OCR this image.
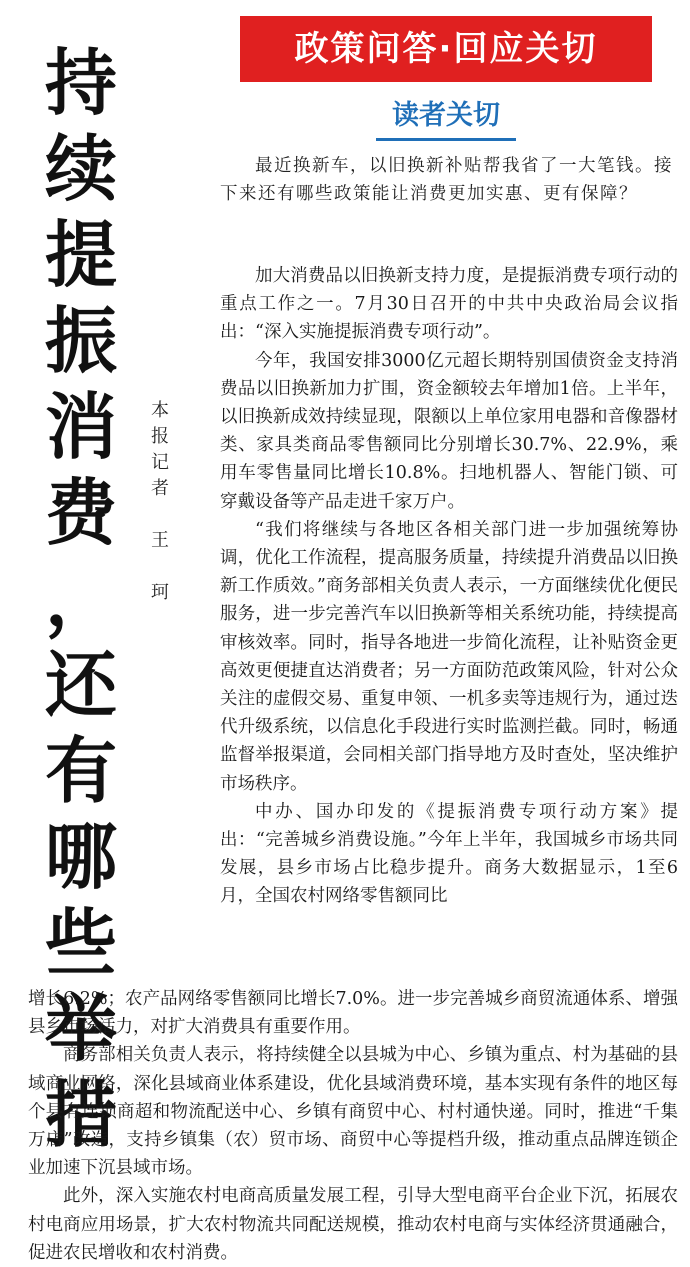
持
续
提
振
消
费
，
还
有
哪
些
举
措
本
报
记
者
王
珂
政策问答·回应关切
读者关切

最近换新车，以旧换新补贴帮我省了一大笔钱。接下来还有哪些政策能让消费更加实惠、更有保障？

加大消费品以旧换新支持力度，是提振消费专项行动的重点工作之一。7月30日召开的中共中央政治局会议指出：“深入实施提振消费专项行动”。

今年，我国安排3000亿元超长期特别国债资金支持消费品以旧换新加力扩围，资金额较去年增加1倍。上半年，以旧换新成效持续显现，限额以上单位家用电器和音像器材类、家具类商品零售额同比分别增长30.7%、22.9%，乘用车零售量同比增长10.8%。扫地机器人、智能门锁、可穿戴设备等产品走进千家万户。

“我们将继续与各地区各相关部门进一步加强统筹协调，优化工作流程，提高服务质量，持续提升消费品以旧换新工作质效。”商务部相关负责人表示，一方面继续优化便民服务，进一步完善汽车以旧换新等相关系统功能，持续提高审核效率。同时，指导各地进一步简化流程，让补贴资金更高效更便捷直达消费者；另一方面防范政策风险，针对公众关注的虚假交易、重复申领、一机多卖等违规行为，通过迭代升级系统，以信息化手段进行实时监测拦截。同时，畅通监督举报渠道，会同相关部门指导地方及时查处，坚决维护市场秩序。

中办、国办印发的《提振消费专项行动方案》提出：“完善城乡消费设施。”今年上半年，我国城乡市场共同发展，县乡市场占比稳步提升。商务大数据显示，1至6月，全国农村网络零售额同比

增长6.2%；农产品网络零售额同比增长7.0%。进一步完善城乡商贸流通体系、增强县乡市场活力，对扩大消费具有重要作用。

商务部相关负责人表示，将持续健全以县城为中心、乡镇为重点、村为基础的县域商业网络，深化县域商业体系建设，优化县域消费环境，基本实现有条件的地区每个县有连锁商超和物流配送中心、乡镇有商贸中心、村村通快递。同时，推进“千集万店”改造，支持乡镇集（农）贸市场、商贸中心等提档升级，推动重点品牌连锁企业加速下沉县域市场。

此外，深入实施农村电商高质量发展工程，引导大型电商平台企业下沉，拓展农村电商应用场景，扩大农村物流共同配送规模，推动农村电商与实体经济贯通融合，促进农民增收和农村消费。
